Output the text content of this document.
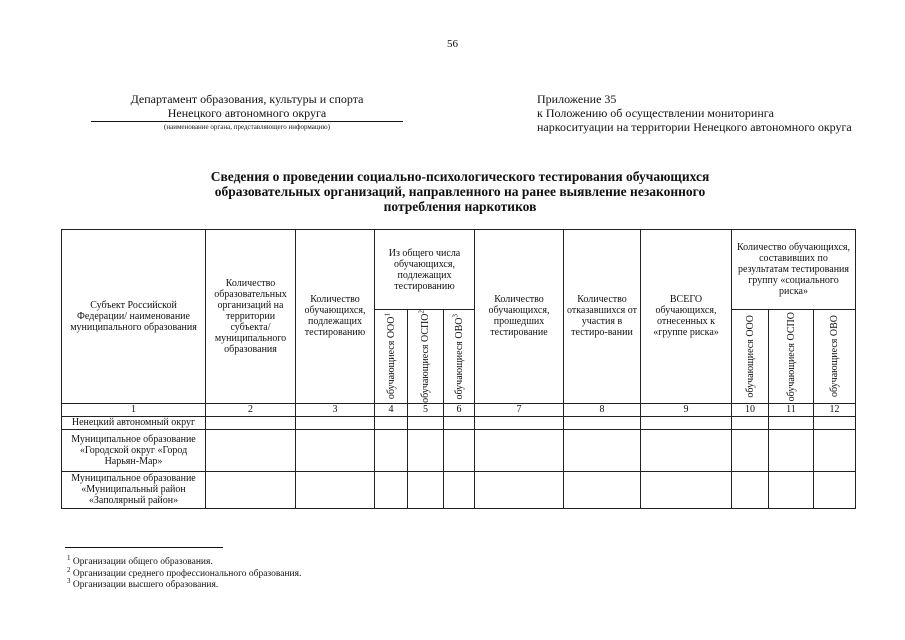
56
Департамент образования, культуры и спорта
Ненецкого автономного округа
(наименование органа, представляющего информацию)
Приложение 35
к Положению об осуществлении мониторинга
наркоситуации на территории Ненецкого автономного округа
Сведения о проведении социально-психологического тестирования обучающихся
образовательных организаций, направленного на ранее выявление незаконного
потребления наркотиков
Субъект Российской Федерации/ наименование муниципального образования	Количество образовательных организаций на территории субъекта/ муниципального образования	Количество обучающихся, подлежащих тестированию	Из общего числа обучающихся, подлежащих тестированию			Количество обучающихся, прошедших тестирование	Количество отказавшихся от участия в тестиро-вании	ВСЕГО обучающихся, отнесенных к «группе риска»	Количество обучающихся, составивших по результатам тестирования группу «социального риска»		

			обучающиеся ООО$^1$	обучающиеся ОСПО$^2$	обучающиеся ОВО$^3$				обучающиеся ООО	обучающиеся ОСПО	обучающиеся ОВО

1	2	3	4	5	6	7	8	9	10	11	12
Ненецкий автономный округ											
Муниципальное образование «Городской округ «Город Нарьян-Мар»											
Муниципальное образование «Муниципальный район «Заполярный район»											
$^1$ Организации общего образования.
$^2$ Организации среднего профессионального образования.
$^3$ Организации высшего образования.
